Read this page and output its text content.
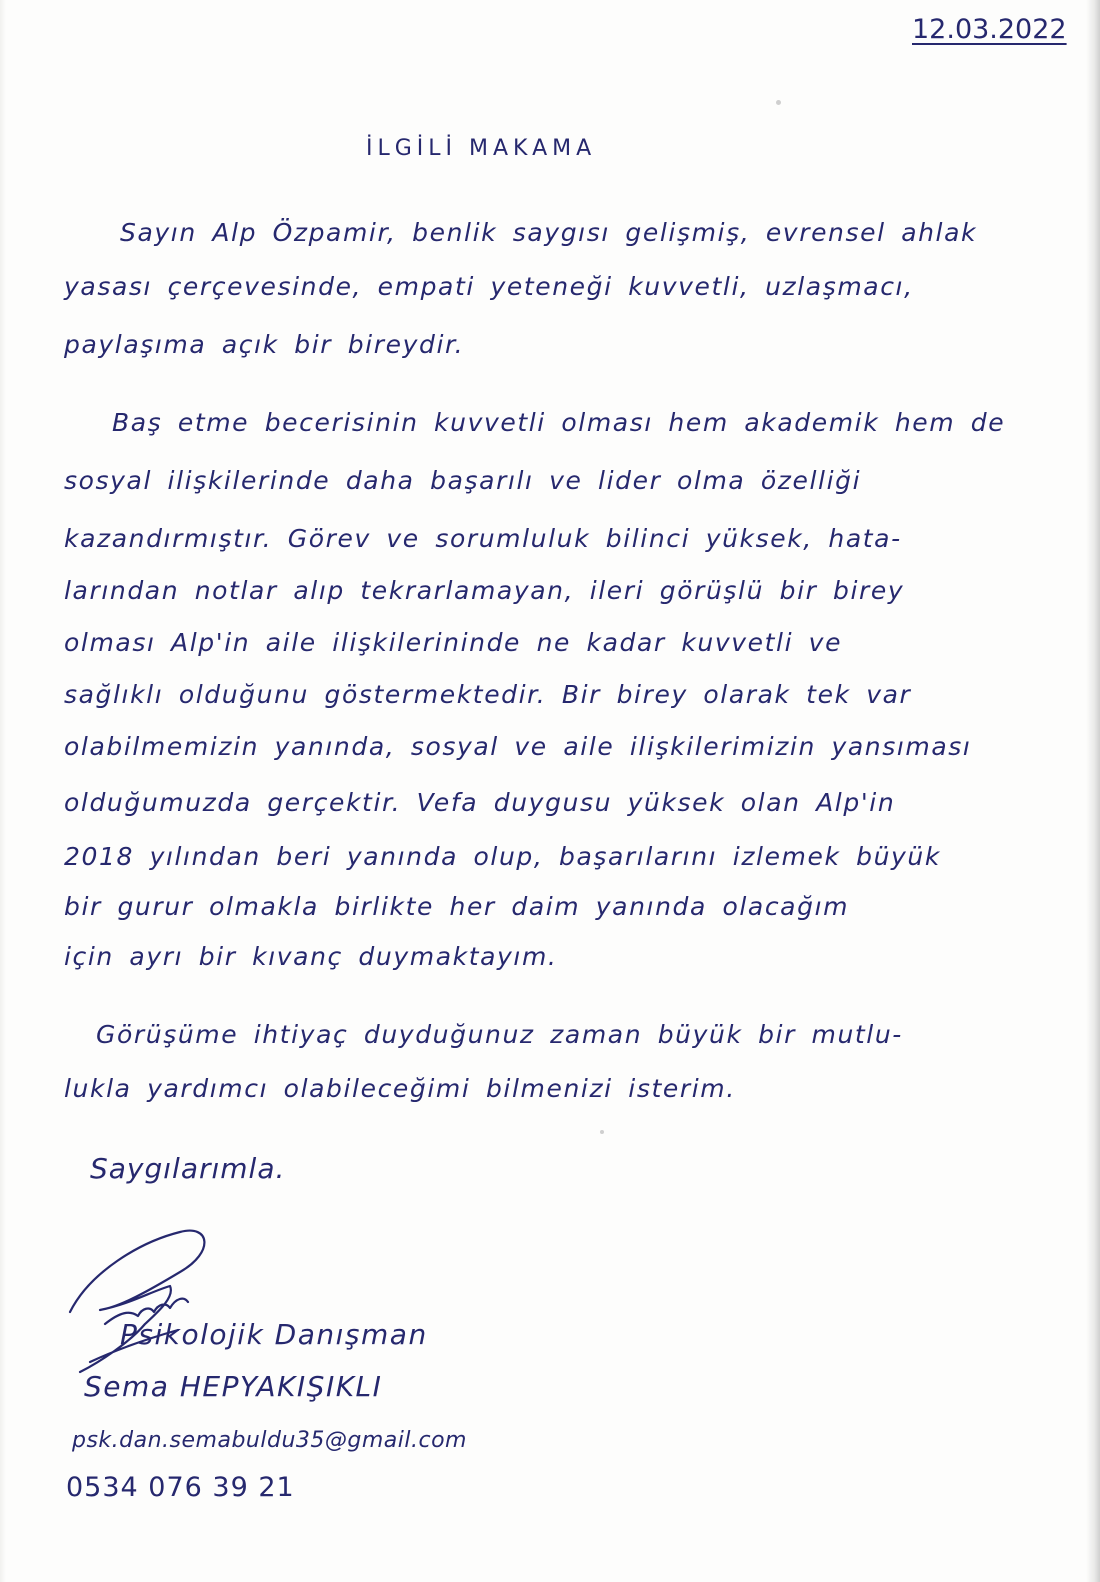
12.03.2022
İLGİLİ MAKAMA
Sayın Alp Özpamir, benlik saygısı gelişmiş, evrensel ahlak
yasası çerçevesinde, empati yeteneği kuvvetli, uzlaşmacı,
paylaşıma açık bir bireydir.
Baş etme becerisinin kuvvetli olması hem akademik hem de
sosyal ilişkilerinde daha başarılı ve lider olma özelliği
kazandırmıştır. Görev ve sorumluluk bilinci yüksek, hata-
larından notlar alıp tekrarlamayan, ileri görüşlü bir birey
olması Alp'in aile ilişkilerininde ne kadar kuvvetli ve
sağlıklı olduğunu göstermektedir. Bir birey olarak tek var
olabilmemizin yanında, sosyal ve aile ilişkilerimizin yansıması
olduğumuzda gerçektir. Vefa duygusu yüksek olan Alp'in
2018 yılından beri yanında olup, başarılarını izlemek büyük
bir gurur olmakla birlikte her daim yanında olacağım
için ayrı bir kıvanç duymaktayım.
Görüşüme ihtiyaç duyduğunuz zaman büyük bir mutlu-
lukla yardımcı olabileceğimi bilmenizi isterim.
Saygılarımla.
Psikolojik Danışman
Sema HEPYAKIŞIKLI
psk.dan.semabuldu35@gmail.com
0534 076 39 21
